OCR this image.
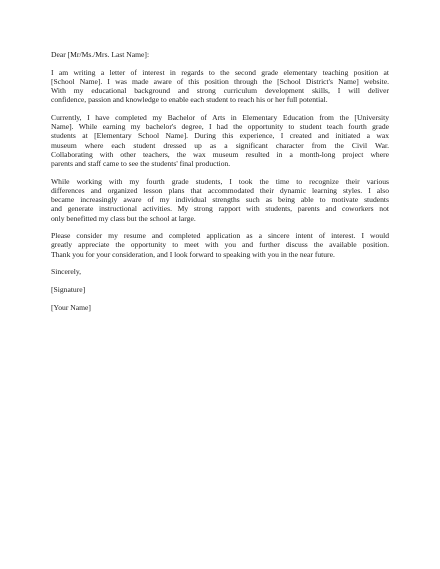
Dear [Mr/Ms./Mrs. Last Name]:

I am writing a letter of interest in regards to the second grade elementary teaching position at
[School Name]. I was made aware of this position through the [School District's Name] website.
With my educational background and strong curriculum development skills, I will deliver
confidence, passion and knowledge to enable each student to reach his or her full potential.

Currently, I have completed my Bachelor of Arts in Elementary Education from the [University
Name]. While earning my bachelor's degree, I had the opportunity to student teach fourth grade
students at [Elementary School Name]. During this experience, I created and initiated a wax
museum where each student dressed up as a significant character from the Civil War.
Collaborating with other teachers, the wax museum resulted in a month-long project where
parents and staff came to see the students' final production.

While working with my fourth grade students, I took the time to recognize their various
differences and organized lesson plans that accommodated their dynamic learning styles. I also
became increasingly aware of my individual strengths such as being able to motivate students
and generate instructional activities. My strong rapport with students, parents and coworkers not
only benefitted my class but the school at large.

Please consider my resume and completed application as a sincere intent of interest. I would
greatly appreciate the opportunity to meet with you and further discuss the available position.
Thank you for your consideration, and I look forward to speaking with you in the near future.

Sincerely,

[Signature]

[Your Name]
